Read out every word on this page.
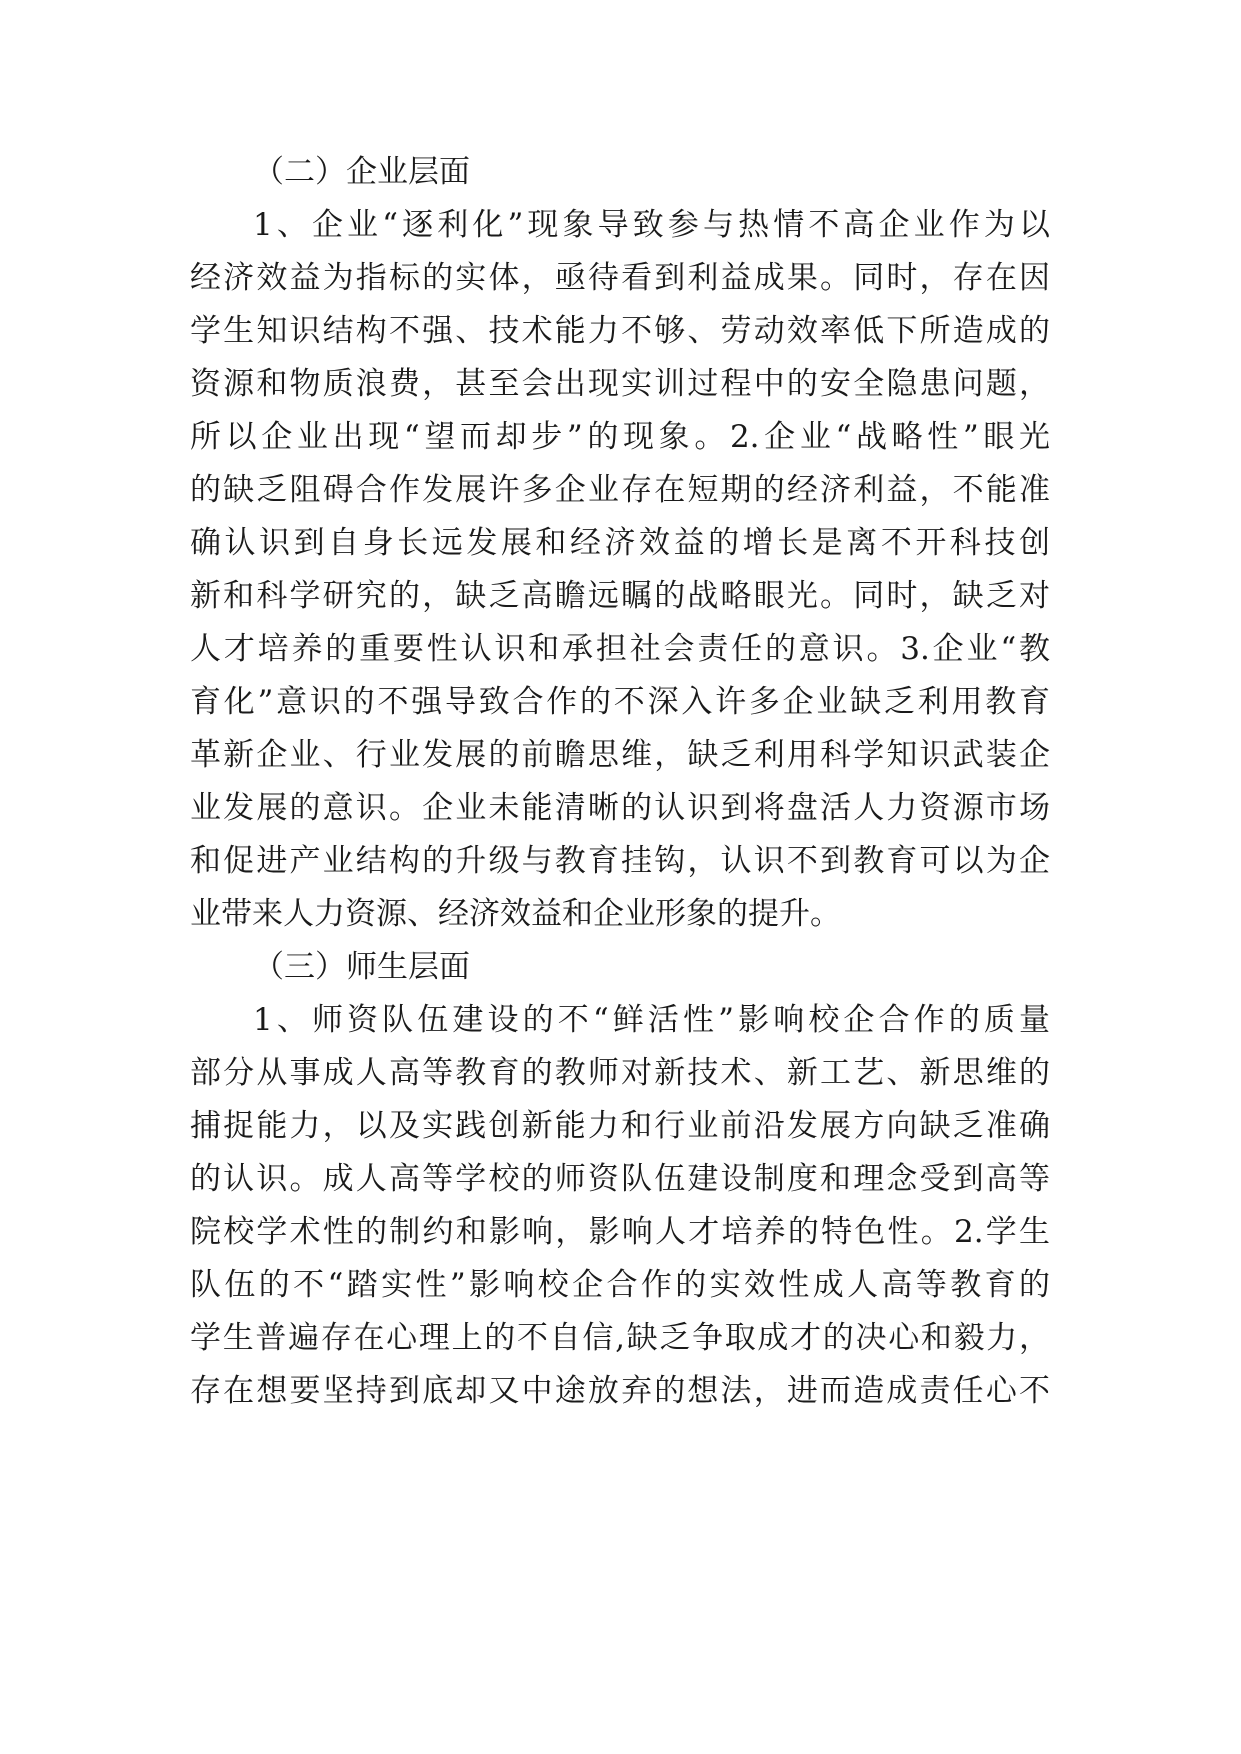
（二）企业层面
1、企业“逐利化”现象导致参与热情不高企业作为以
经济效益为指标的实体，亟待看到利益成果。同时，存在因
学生知识结构不强、技术能力不够、劳动效率低下所造成的
资源和物质浪费，甚至会出现实训过程中的安全隐患问题，
所以企业出现“望而却步”的现象。2.企业“战略性”眼光
的缺乏阻碍合作发展许多企业存在短期的经济利益，不能准
确认识到自身长远发展和经济效益的增长是离不开科技创
新和科学研究的，缺乏高瞻远瞩的战略眼光。同时，缺乏对
人才培养的重要性认识和承担社会责任的意识。3.企业“教
育化”意识的不强导致合作的不深入许多企业缺乏利用教育
革新企业、行业发展的前瞻思维，缺乏利用科学知识武装企
业发展的意识。企业未能清晰的认识到将盘活人力资源市场
和促进产业结构的升级与教育挂钩，认识不到教育可以为企
业带来人力资源、经济效益和企业形象的提升。
（三）师生层面
1、师资队伍建设的不“鲜活性”影响校企合作的质量
部分从事成人高等教育的教师对新技术、新工艺、新思维的
捕捉能力，以及实践创新能力和行业前沿发展方向缺乏准确
的认识。成人高等学校的师资队伍建设制度和理念受到高等
院校学术性的制约和影响，影响人才培养的特色性。2.学生
队伍的不“踏实性”影响校企合作的实效性成人高等教育的
学生普遍存在心理上的不自信,缺乏争取成才的决心和毅力，
存在想要坚持到底却又中途放弃的想法，进而造成责任心不
